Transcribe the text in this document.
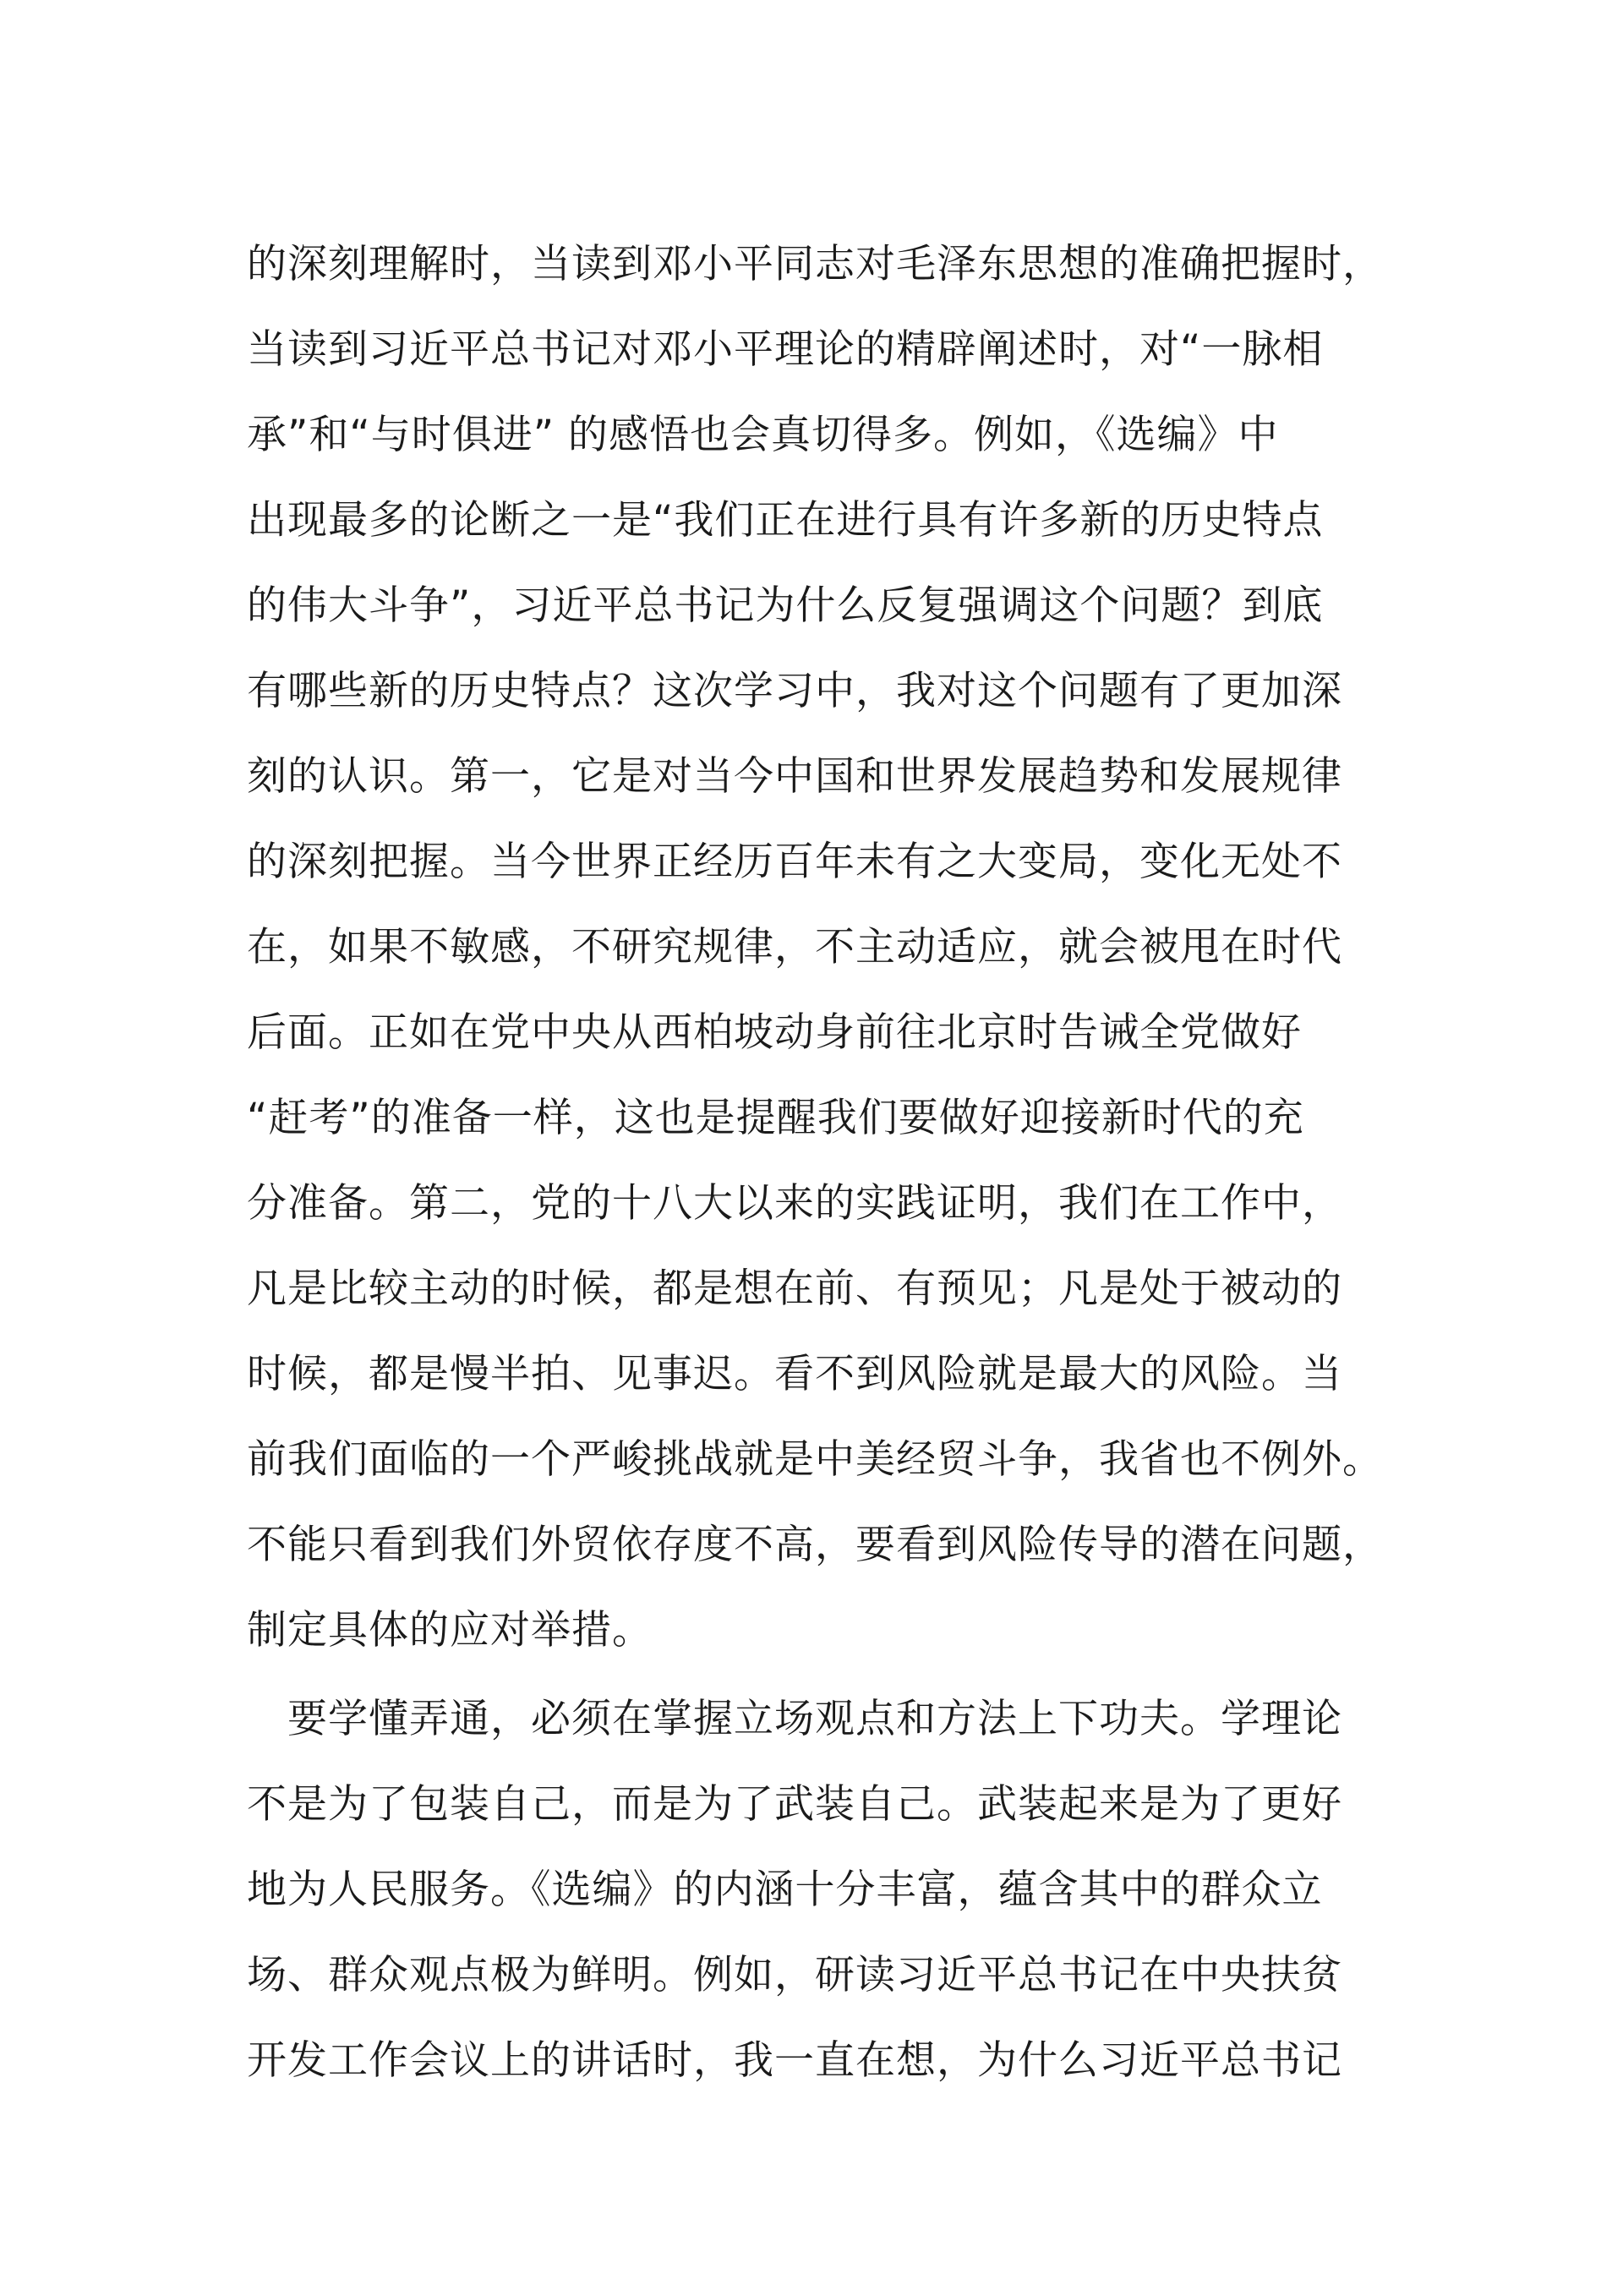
的深刻理解时，当读到邓小平同志对毛泽东思想的准确把握时，
当读到习近平总书记对邓小平理论的精辟阐述时，对“一脉相
承”和“与时俱进” 的感悟也会真切得多。例如，《选编》中
出现最多的论断之一是“我们正在进行具有许多新的历史特点
的伟大斗争”，习近平总书记为什么反复强调这个问题？到底
有哪些新的历史特点？这次学习中，我对这个问题有了更加深
刻的认识。第一，它是对当今中国和世界发展趋势和发展规律
的深刻把握。当今世界正经历百年未有之大变局，变化无处不
在，如果不敏感，不研究规律，不主动适应，就会被甩在时代
后面。正如在党中央从西柏坡动身前往北京时告诫全党做好
“赶考”的准备一样，这也是提醒我们要做好迎接新时代的充
分准备。第二，党的十八大以来的实践证明，我们在工作中，
凡是比较主动的时候，都是想在前、有预见；凡是处于被动的
时候，都是慢半拍、见事迟。看不到风险就是最大的风险。当
前我们面临的一个严峻挑战就是中美经贸斗争，我省也不例外。
不能只看到我们外贸依存度不高，要看到风险传导的潜在问题，
制定具体的应对举措。
　要学懂弄通，必须在掌握立场观点和方法上下功夫。学理论
不是为了包装自己，而是为了武装自己。武装起来是为了更好
地为人民服务。《选编》的内涵十分丰富，蕴含其中的群众立
场、群众观点极为鲜明。例如，研读习近平总书记在中央扶贫
开发工作会议上的讲话时，我一直在想，为什么习近平总书记
